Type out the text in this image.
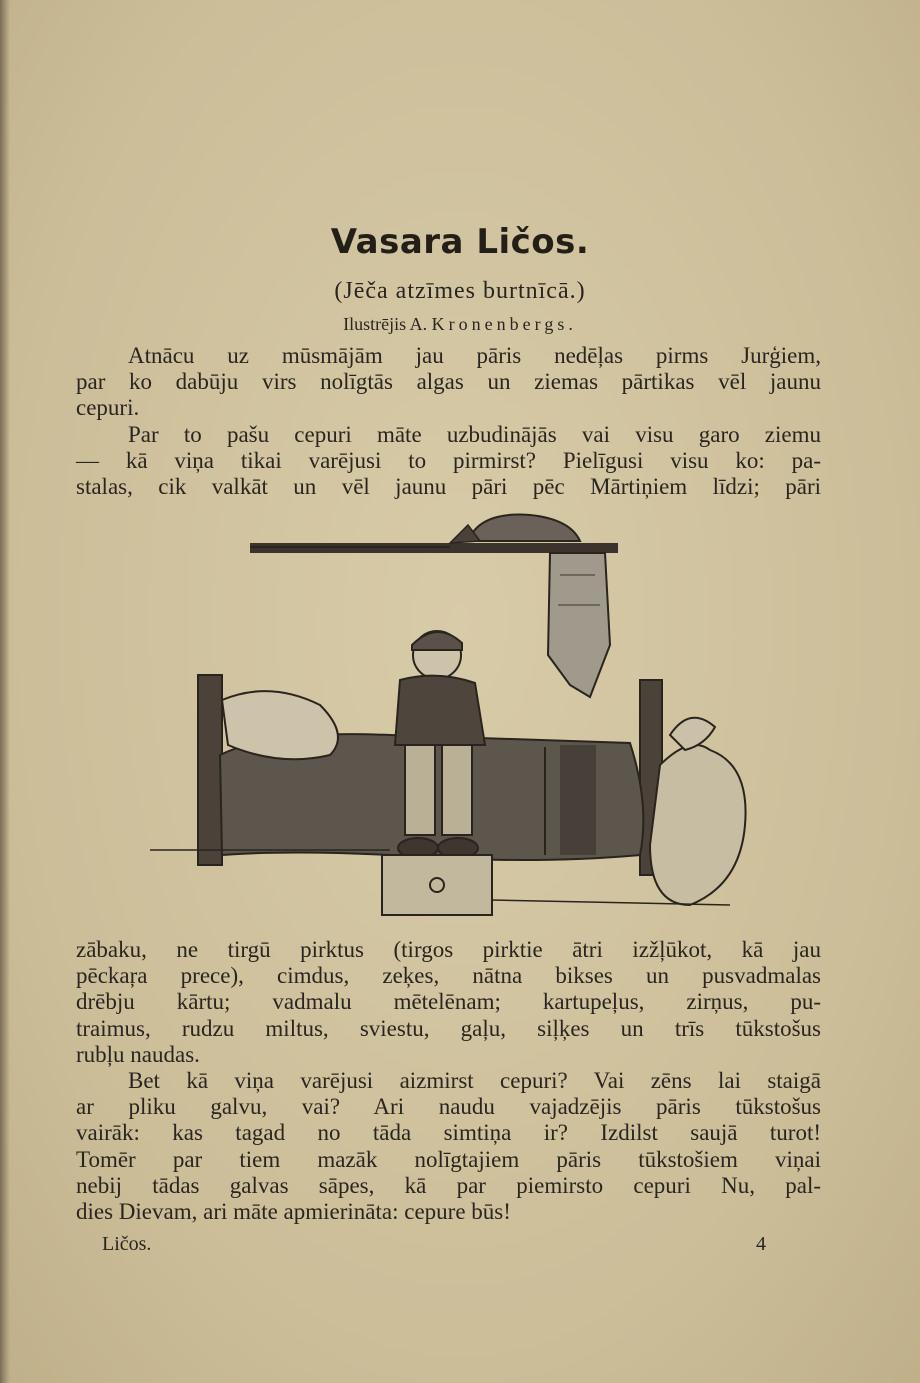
Vasara Ličos.
(Jēča atzīmes burtnīcā.)
Ilustrējis A. Kronenbergs.
Atnācu uz mūsmājām jau pāris nedēļas pirms Jurģiem,
par ko dabūju virs nolīgtās algas un ziemas pārtikas vēl jaunu
cepuri.
Par to pašu cepuri māte uzbudinājās vai visu garo ziemu
— kā viņa tikai varējusi to pirmirst? Pielīgusi visu ko: pa-
stalas, cik valkāt un vēl jaunu pāri pēc Mārtiņiem līdzi; pāri
zābaku, ne tirgū pirktus (tirgos pirktie ātri izžļūkot, kā jau
pēckaŗa prece), cimdus, zeķes, nātna bikses un pusvadmalas
drēbju kārtu; vadmalu mētelēnam; kartupeļus, zirņus, pu-
traimus, rudzu miltus, sviestu, gaļu, siļķes un trīs tūkstošus
rubļu naudas.
Bet kā viņa varējusi aizmirst cepuri? Vai zēns lai staigā
ar pliku galvu, vai? Ari naudu vajadzējis pāris tūkstošus
vairāk: kas tagad no tāda simtiņa ir? Izdilst saujā turot!
Tomēr par tiem mazāk nolīgtajiem pāris tūkstošiem viņai
nebij tādas galvas sāpes, kā par piemirsto cepuri Nu, pal-
dies Dievam, ari māte apmierināta: cepure būs!
Ličos.	4
